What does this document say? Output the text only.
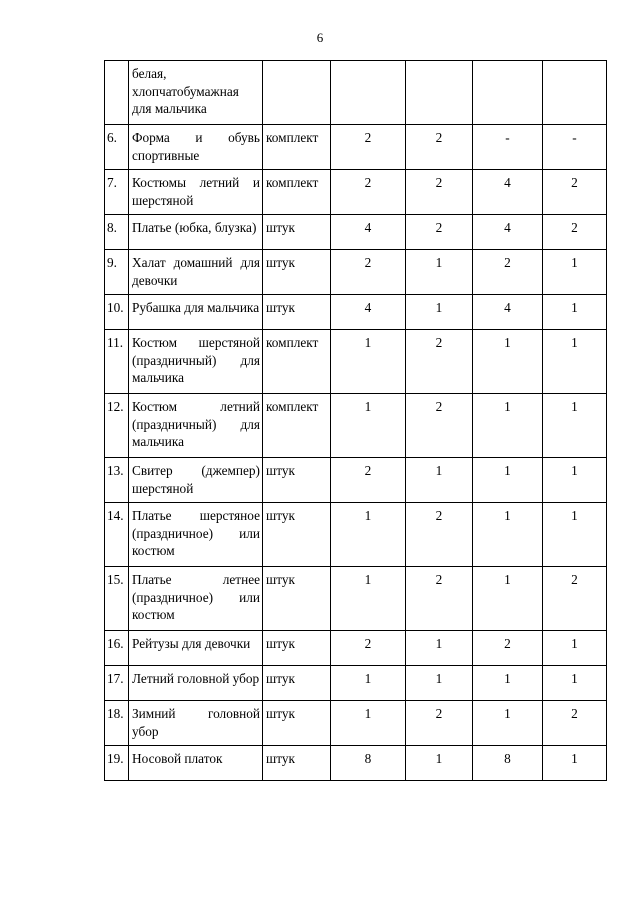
6
	белая, хлопчатобумажная для мальчика					
6.	Форма и обувь спортивные	комплект	2	2	-	-
7.	Костюмы летний и шерстяной	комплект	2	2	4	2
8.	Платье (юбка, блузка)	штук	4	2	4	2
9.	Халат домашний для девочки	штук	2	1	2	1
10.	Рубашка для мальчика	штук	4	1	4	1
11.	Костюм шерстяной (праздничный) для мальчика	комплект	1	2	1	1
12.	Костюм летний (праздничный) для мальчика	комплект	1	2	1	1
13.	Свитер (джемпер) шерстяной	штук	2	1	1	1
14.	Платье шерстяное (праздничное) или костюм	штук	1	2	1	1
15.	Платье летнее (праздничное) или костюм	штук	1	2	1	2
16.	Рейтузы для девочки	штук	2	1	2	1
17.	Летний головной убор	штук	1	1	1	1
18.	Зимний головной убор	штук	1	2	1	2
19.	Носовой платок	штук	8	1	8	1
